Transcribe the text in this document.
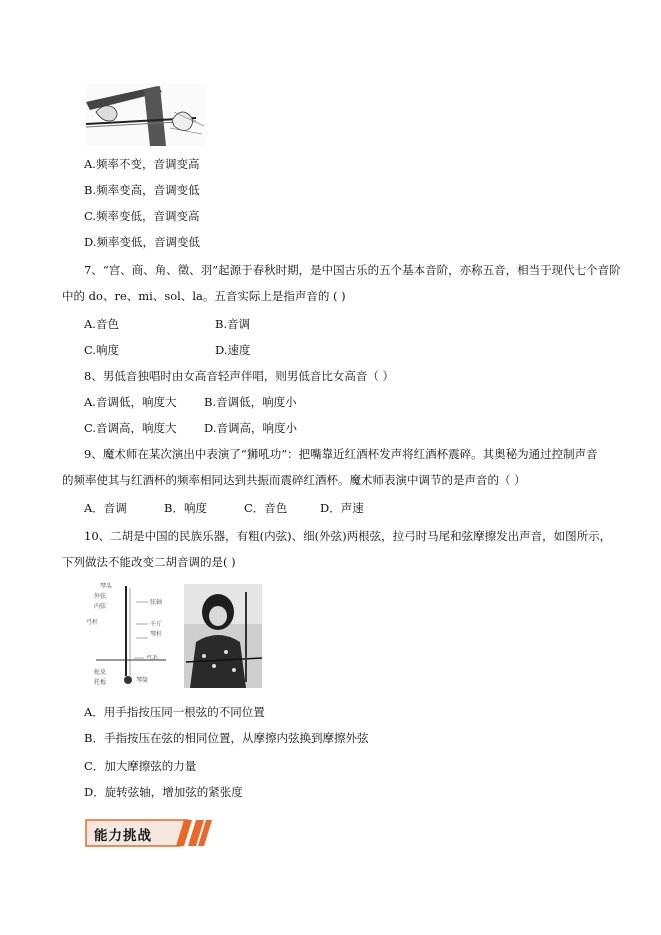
A.频率不变，音调变高
B.频率变高，音调变低
C.频率变低，音调变高
D.频率变低，音调变低
7、“宫、商、角、徵、羽”起源于春秋时期，是中国古乐的五个基本音阶，亦称五音，相当于现代七个音阶
中的 do、re、mi、sol、la。五音实际上是指声音的 ( )
A.音色	B.音调
C.响度	D.速度
8、男低音独唱时由女高音轻声伴唱，则男低音比女高音（ ）
A.音调低，响度大 B.音调低，响度小
C.音调高，响度大 D.音调高，响度小
9、魔术师在某次演出中表演了“狮吼功”：把嘴靠近红酒杯发声将红酒杯震碎。其奥秘为通过控制声音
的频率使其与红酒杯的频率相同达到共振而震碎红酒杯。魔术师表演中调节的是声音的（ ）
A．音调	B．响度	C．音色	D．声速
10、二胡是中国的民族乐器，有粗(内弦)、细(外弦)两根弦，拉弓时马尾和弦摩擦发出声音，如图所示，
下列做法不能改变二胡音调的是( )
琴头
外弦
内弦
弦轴
弓杆	千斤
琴杆
弓毛
蛇皮
托板	琴筒
A．用手指按压同一根弦的不同位置
B．手指按压在弦的相同位置，从摩擦内弦换到摩擦外弦
C．加大摩擦弦的力量
D．旋转弦轴，增加弦的紧张度
能力挑战
